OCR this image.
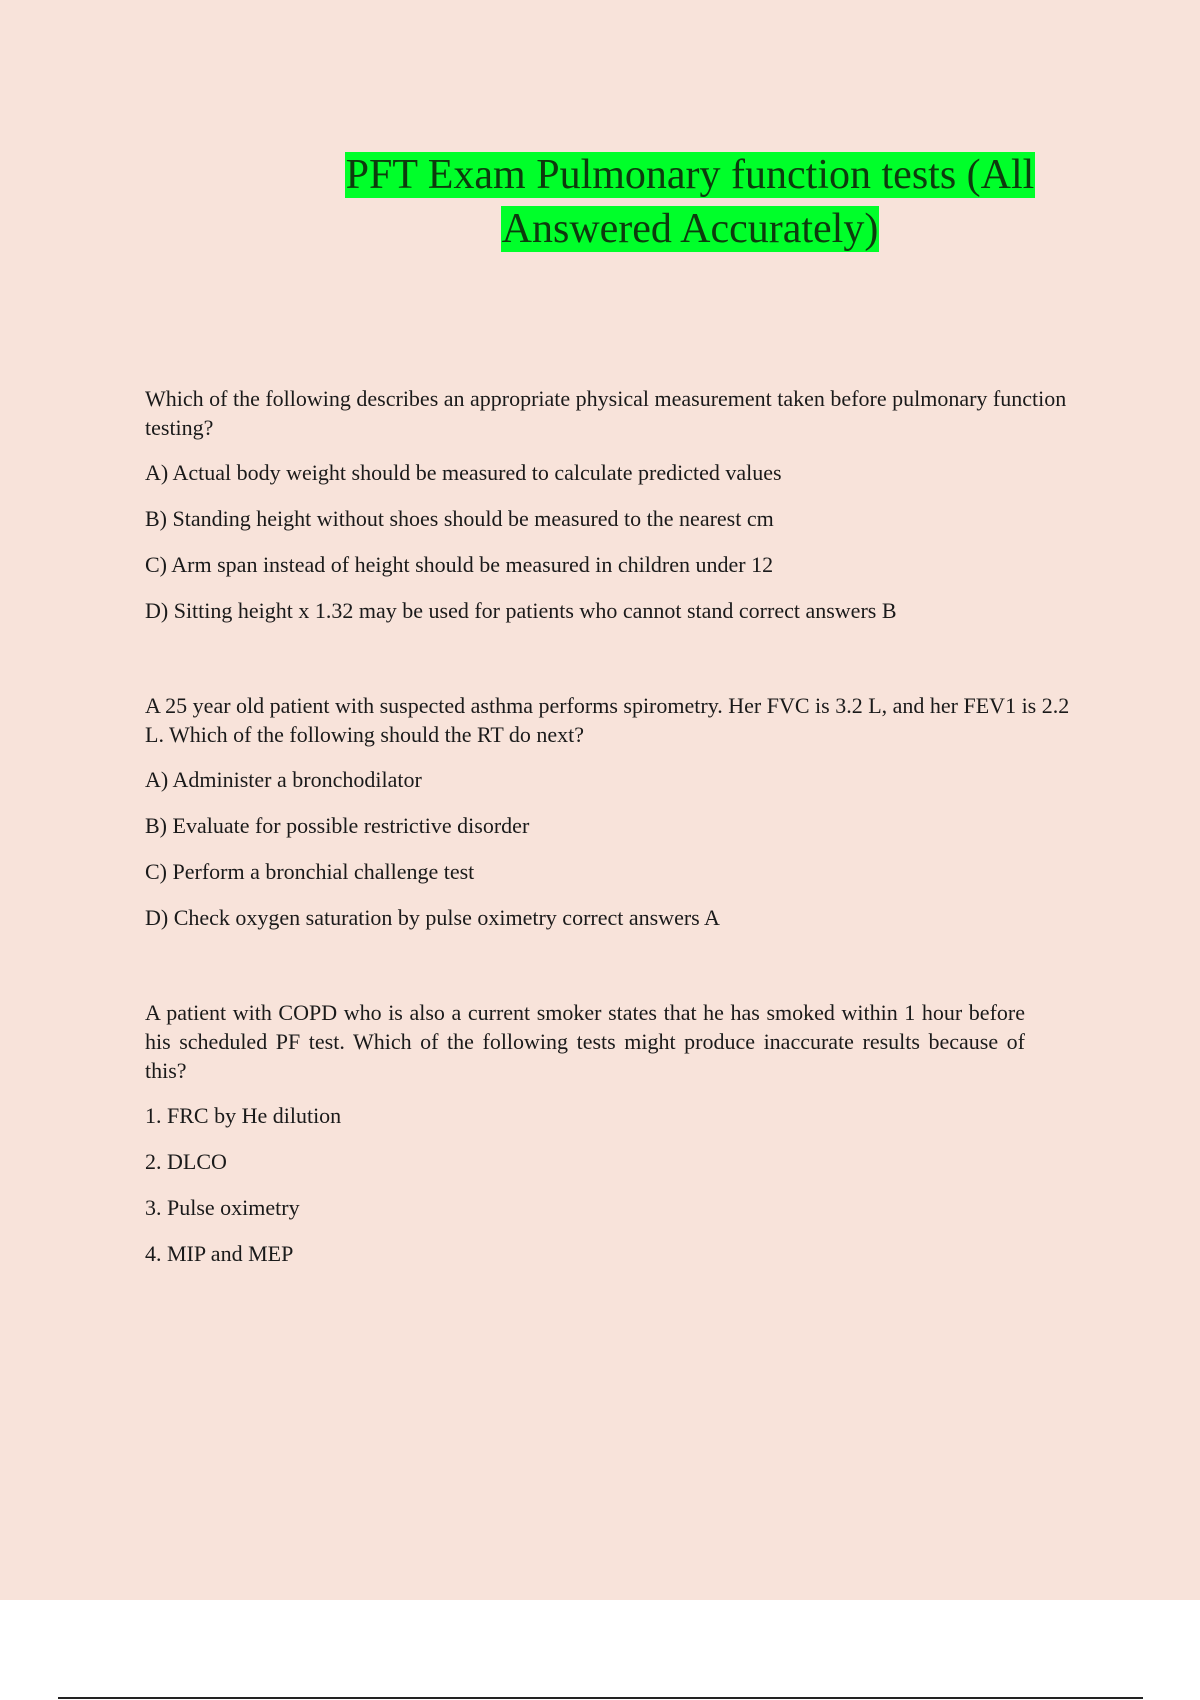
PFT Exam Pulmonary function tests (All
Answered Accurately)

Which of the following describes an appropriate physical measurement taken before pulmonary function testing?

A) Actual body weight should be measured to calculate predicted values

B) Standing height without shoes should be measured to the nearest cm

C) Arm span instead of height should be measured in children under 12

D) Sitting height x 1.32 may be used for patients who cannot stand correct answers B

A 25 year old patient with suspected asthma performs spirometry. Her FVC is 3.2 L, and her FEV1 is 2.2 L. Which of the following should the RT do next?

A) Administer a bronchodilator

B) Evaluate for possible restrictive disorder

C) Perform a bronchial challenge test

D) Check oxygen saturation by pulse oximetry correct answers A

A patient with COPD who is also a current smoker states that he has smoked within 1 hour before his scheduled PF test. Which of the following tests might produce inaccurate results because of this?

1. FRC by He dilution

2. DLCO

3. Pulse oximetry

4. MIP and MEP
